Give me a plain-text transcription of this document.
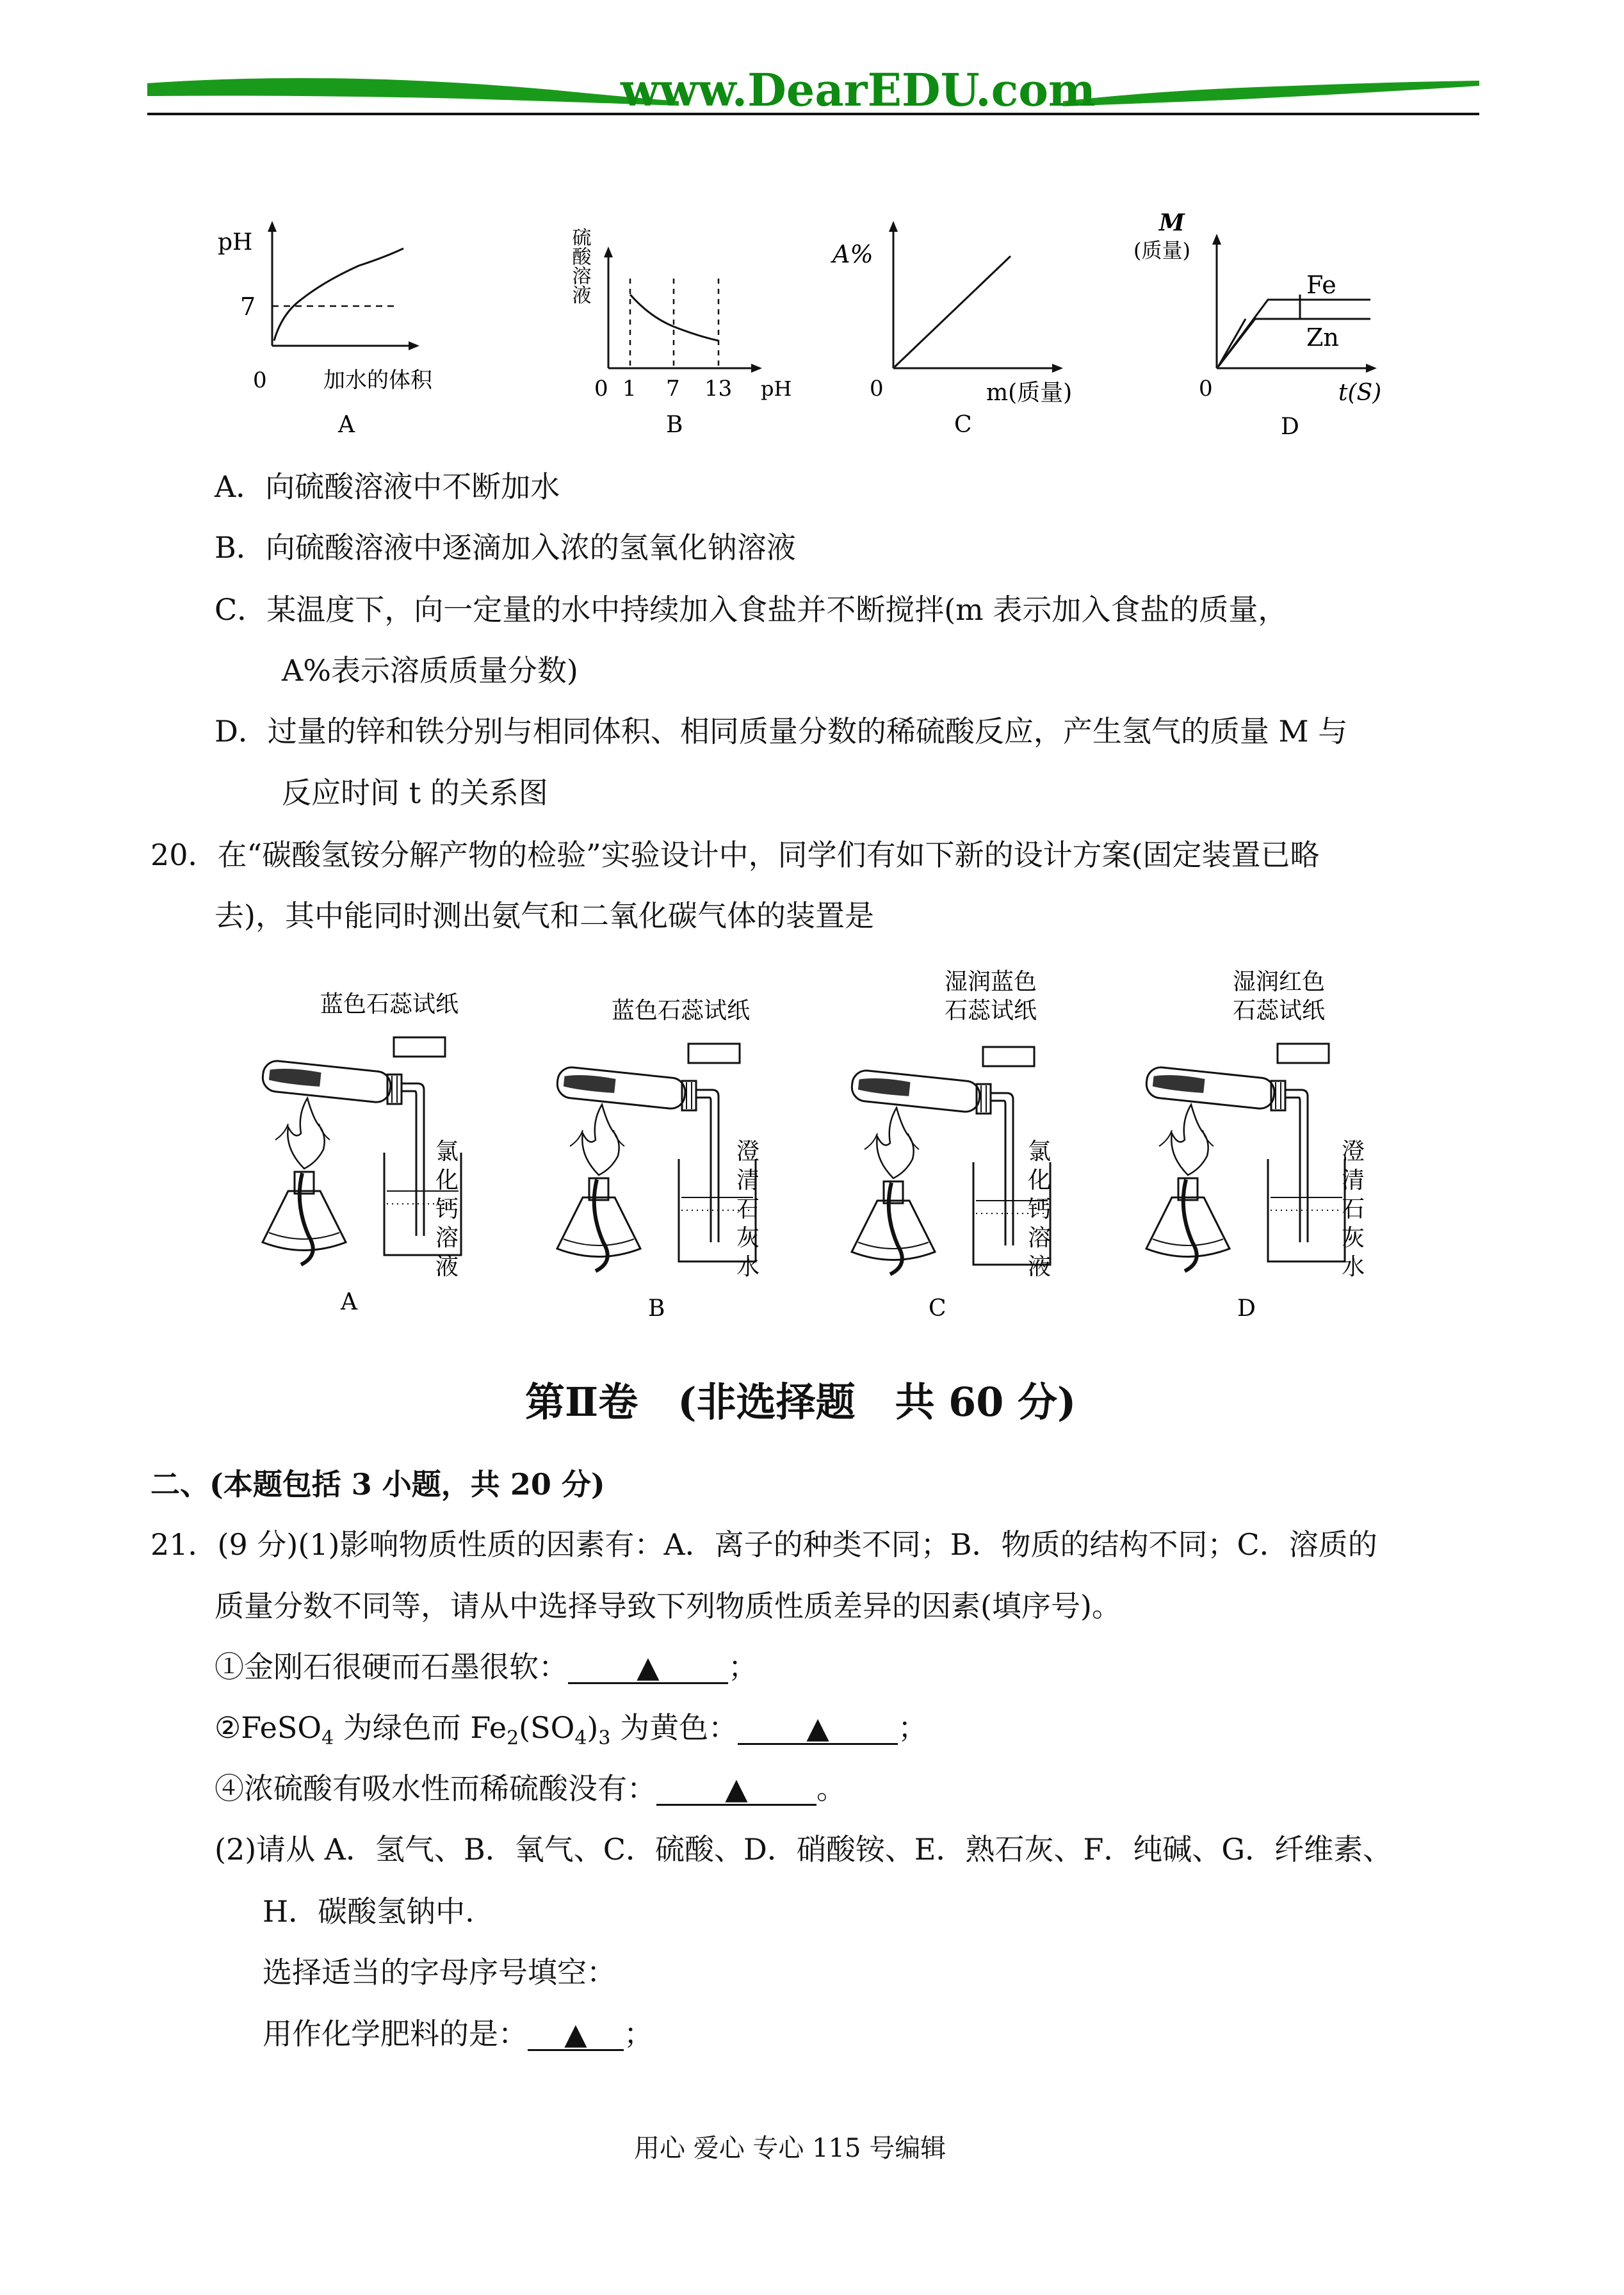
www.DearEDU.com
pH
7
0	加水的体积
A
硫酸溶液
0 1 7 13 pH
B
A%
0	m(质量)
C
M
(质量)
Fe
Zn
0	t(S)
D
A．向硫酸溶液中不断加水
B．向硫酸溶液中逐滴加入浓的氢氧化钠溶液
C．某温度下，向一定量的水中持续加入食盐并不断搅拌(m 表示加入食盐的质量，
A%表示溶质质量分数)
D．过量的锌和铁分别与相同体积、相同质量分数的稀硫酸反应，产生氢气的质量 M 与
反应时间 t 的关系图
20．在“碳酸氢铵分解产物的检验”实验设计中，同学们有如下新的设计方案(固定装置已略
去)，其中能同时测出氨气和二氧化碳气体的装置是
蓝色石蕊试纸
氯
化
钙
溶
液
A
蓝色石蕊试纸
澄
清
石
灰
水
B
湿润蓝色
石蕊试纸
氯
化
钙
溶
液
C
湿润红色
石蕊试纸
澄
清
石
灰
水
D
第Ⅱ卷　(非选择题　共 60 分)
二、(本题包括 3 小题，共 20 分)
21．(9 分)(1)影响物质性质的因素有：A．离子的种类不同；B．物质的结构不同；C．溶质的
质量分数不同等，请从中选择导致下列物质性质差异的因素(填序号)。
①金刚石很硬而石墨很软： ▲ ；
②FeSO$_4$ 为绿色而 $Fe_2(SO_4)_3$ 为黄色： ▲ ；
④浓硫酸有吸水性而稀硫酸没有： ▲ 。
(2)请从 A．氢气、B．氧气、C．硫酸、D．硝酸铵、E．熟石灰、F．纯碱、G．纤维素、
H．碳酸氢钠中.
选择适当的字母序号填空：
用作化学肥料的是： ▲ ；
用心 爱心 专心 115 号编辑
